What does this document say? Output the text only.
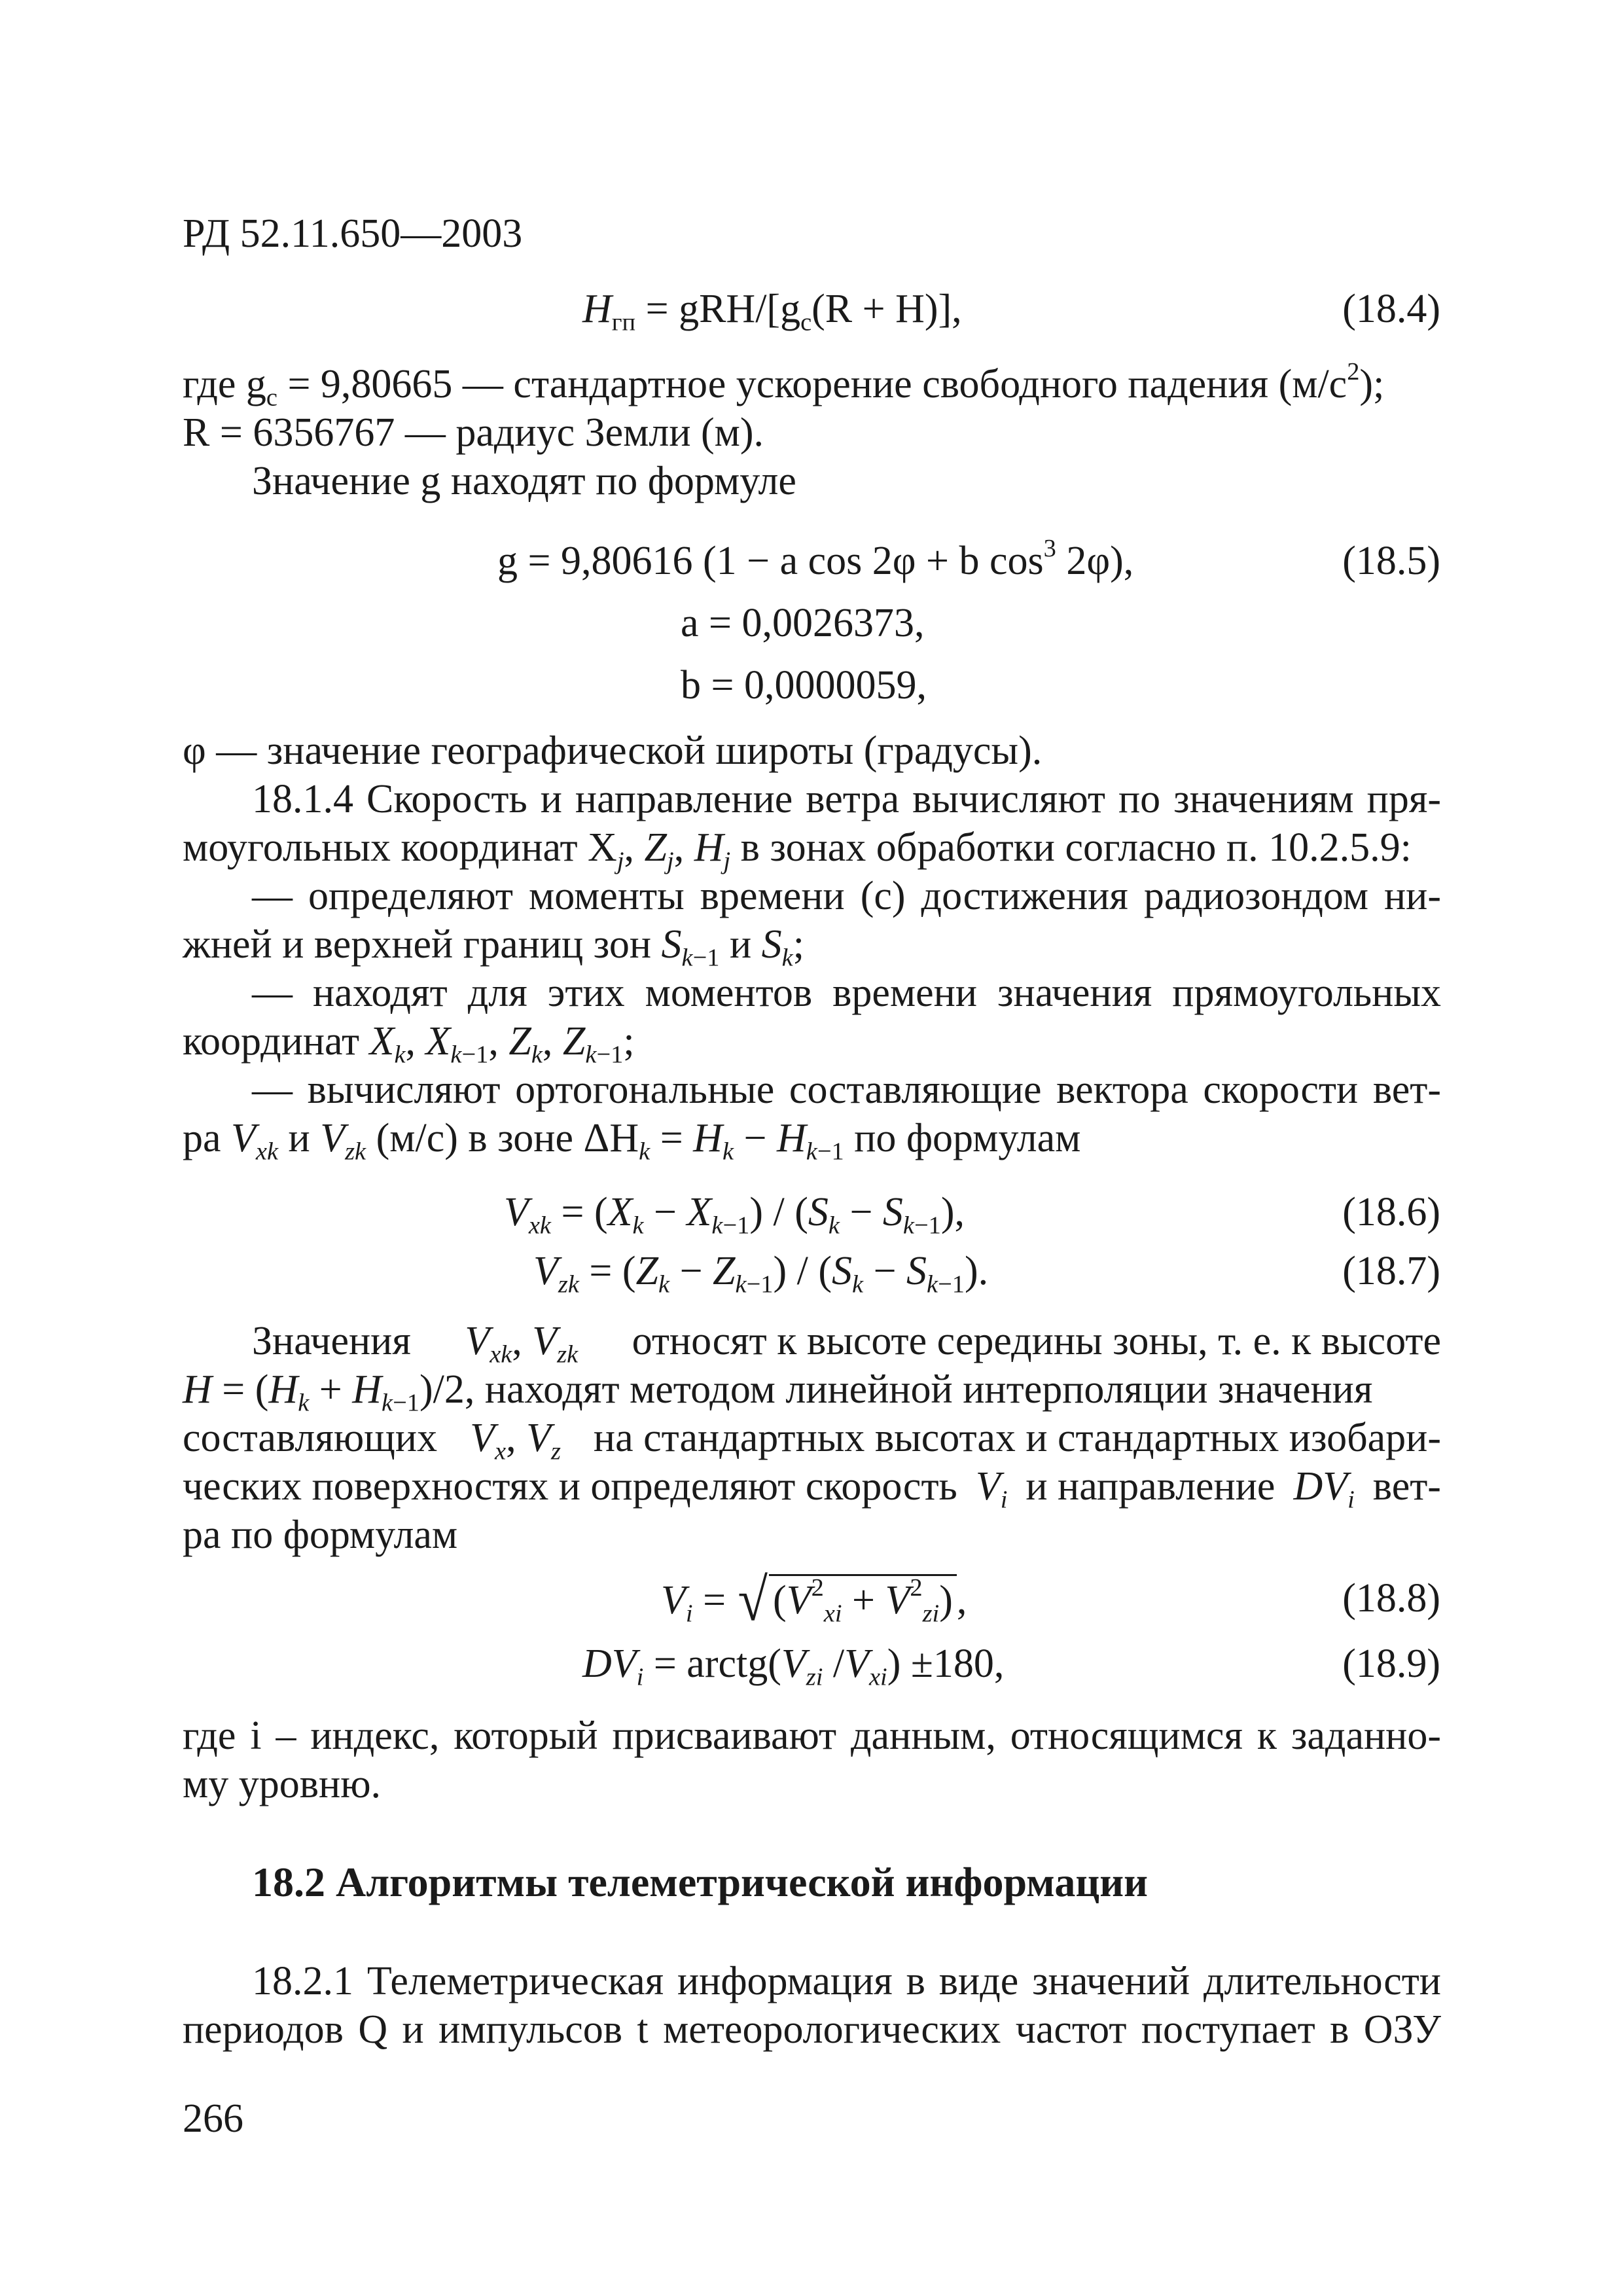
РД 52.11.650—2003
$H_{гп} = gRH/[g_c(R + H)]$,	(18.4)
где $g_c = 9,80665$ — стандартное ускорение свободного падения $(м/с^2)$;
R = 6356767 — радиус Земли (м).
Значение g находят по формуле
g = 9,80616 (1 − a cos 2φ + b $\cos^3 2\varphi$),	(18.5)
a = 0,0026373,
b = 0,0000059,
φ — значение географической широты (градусы).
18.1.4 Скорость и направление ветра вычисляют по значениям пря-
моугольных координат $X_j$, $Z_j$, $H_j$ в зонах обработки согласно п. 10.2.5.9:
— определяют моменты времени (с) достижения радиозондом ни-
жней и верхней границ зон $S_{k-1}$ и $S_k$;
— находят для этих моментов времени значения прямоугольных
координат $X_k$, $X_{k-1}$, $Z_k$, $Z_{k-1}$;
— вычисляют ортогональные составляющие вектора скорости вет-
ра $V_{xk}$ и $V_{zk}$ (м/с) в зоне $\Delta H_k = H_k - H_{k-1}$ по формулам
$V_{xk} = (X_k - X_{k-1}) / (S_k - S_{k-1})$,	(18.6)
$V_{zk} = (Z_k - Z_{k-1}) / (S_k - S_{k-1})$.	(18.7)
Значения $V_{xk}$, $V_{zk}$ относят к высоте середины зоны, т. е. к высоте
$H = (H_k + H_{k-1})/2$, находят методом линейной интерполяции значения
составляющих $V_x$, $V_z$ на стандартных высотах и стандартных изобари-
ческих поверхностях и определяют скорость $V_i$ и направление $DV_i$ вет-
ра по формулам
$V_i$ = √ $(V^2_{xi} + V^2_{zi})$,	(18.8)
$DV_i$ = $arctg(V_{zi}$ $/V_{xi}) \pm 180$,	(18.9)
где i – индекс, который присваивают данным, относящимся к заданно-
му уровню.
18.2 Алгоритмы телеметрической информации
18.2.1 Телеметрическая информация в виде значений длительности
периодов Q и импульсов t метеорологических частот поступает в ОЗУ
266
